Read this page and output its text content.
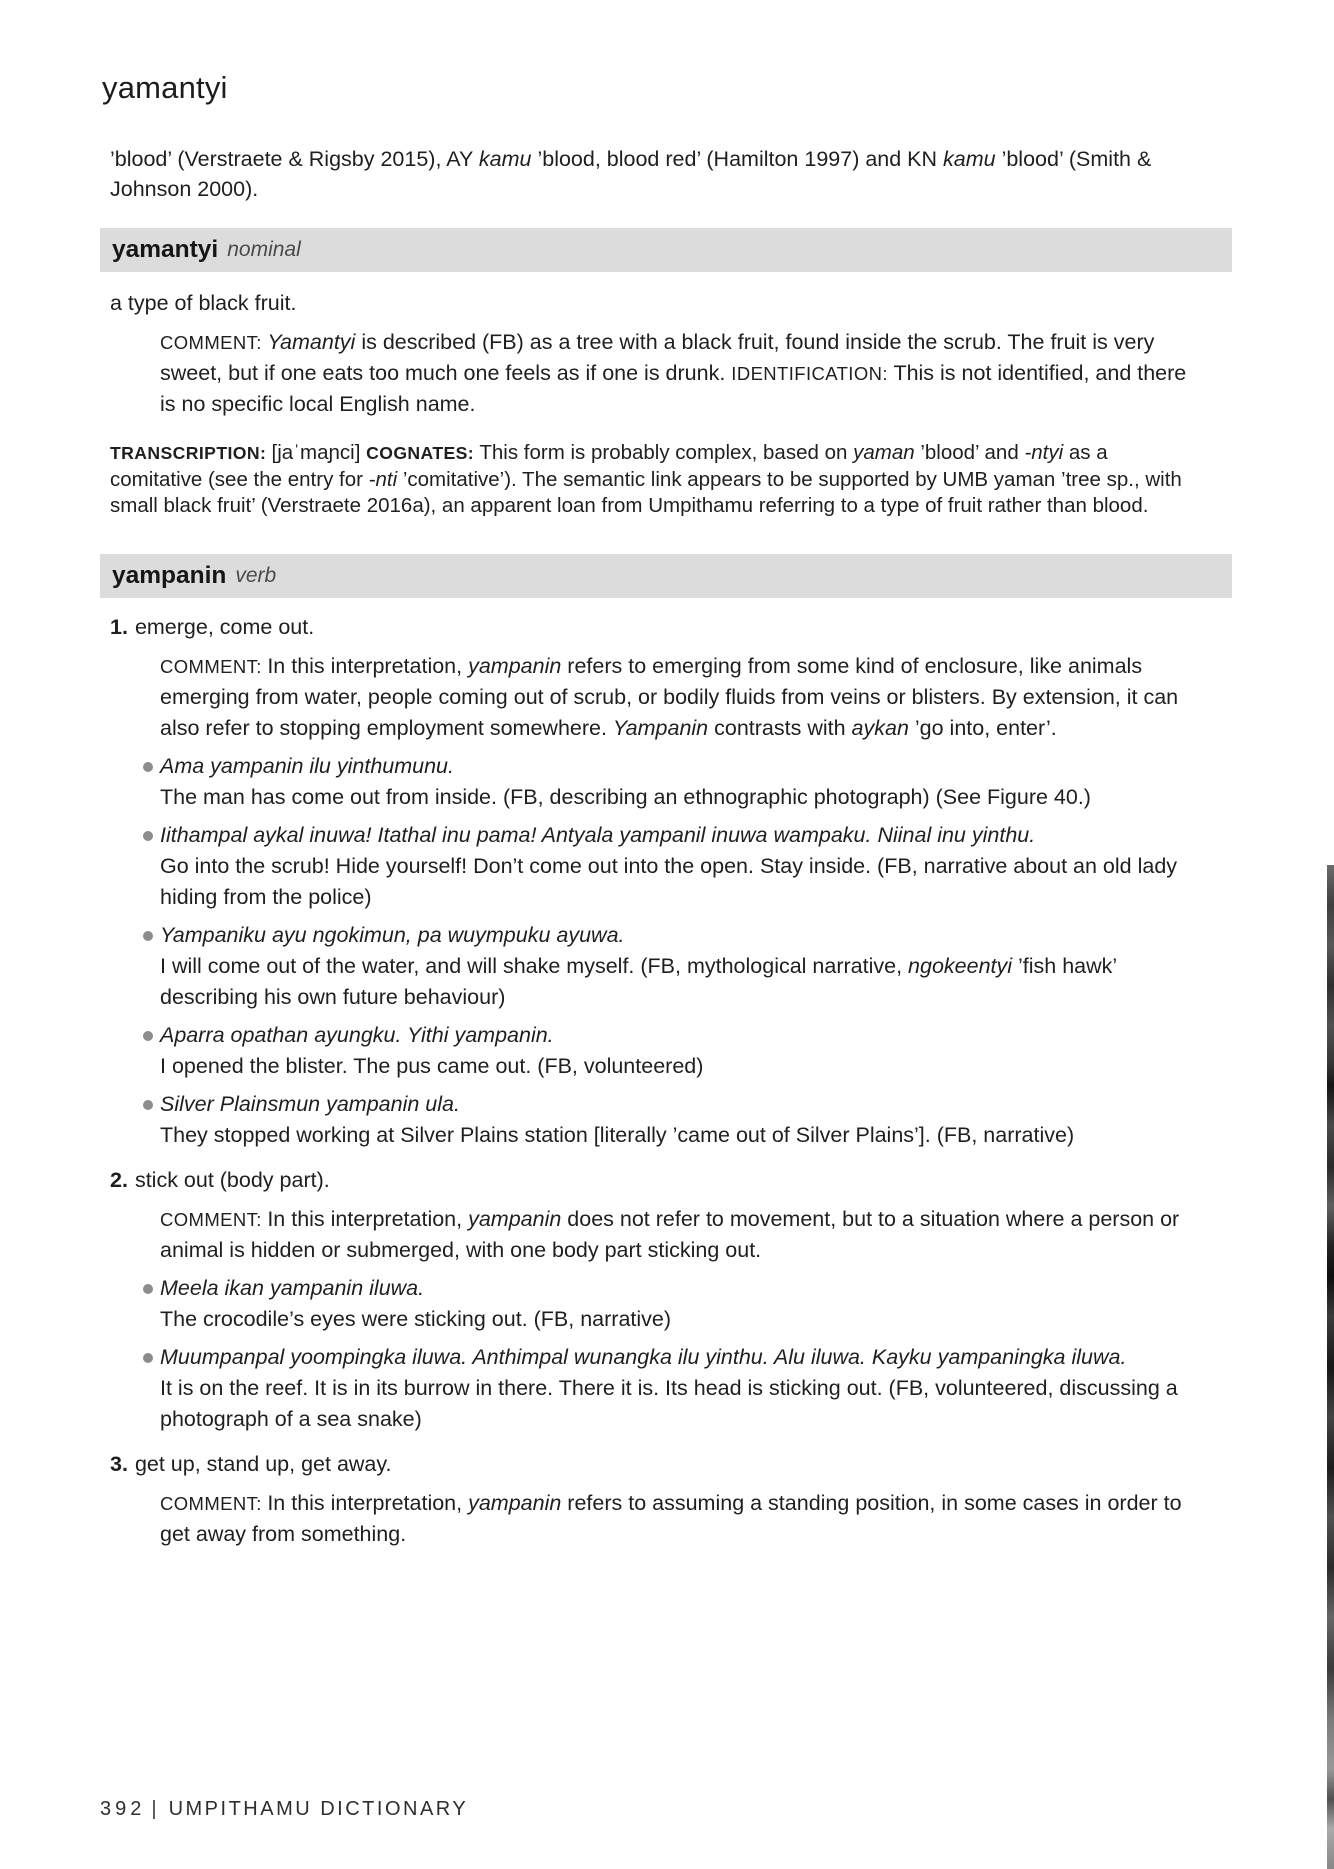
yamantyi

’blood’ (Verstraete & Rigsby 2015), AY kamu ’blood, blood red’ (Hamilton 1997) and KN kamu ’blood’ (Smith & Johnson 2000).

yamantyi nominal

a type of black fruit.

COMMENT: Yamantyi is described (FB) as a tree with a black fruit, found inside the scrub. The fruit is very sweet, but if one eats too much one feels as if one is drunk. IDENTIFICATION: This is not identified, and there is no specific local English name.

TRANSCRIPTION: [jaˈmaɲci] COGNATES: This form is probably complex, based on yaman ’blood’ and -ntyi as a comitative (see the entry for -nti ’comitative’). The semantic link appears to be supported by UMB yaman ’tree sp., with small black fruit’ (Verstraete 2016a), an apparent loan from Umpithamu referring to a type of fruit rather than blood.

yampanin verb

1. emerge, come out.

COMMENT: In this interpretation, yampanin refers to emerging from some kind of enclosure, like animals emerging from water, people coming out of scrub, or bodily fluids from veins or blisters. By extension, it can also refer to stopping employment somewhere. Yampanin contrasts with aykan ’go into, enter’.

Ama yampanin ilu yinthumunu.

The man has come out from inside. (FB, describing an ethnographic photograph) (See Figure 40.)

Iithampal aykal inuwa! Itathal inu pama! Antyala yampanil inuwa wampaku. Niinal inu yinthu.

Go into the scrub! Hide yourself! Don’t come out into the open. Stay inside. (FB, narrative about an old lady hiding from the police)

Yampaniku ayu ngokimun, pa wuympuku ayuwa.

I will come out of the water, and will shake myself. (FB, mythological narrative, ngokeentyi ’fish hawk’ describing his own future behaviour)

Aparra opathan ayungku. Yithi yampanin.

I opened the blister. The pus came out. (FB, volunteered)

Silver Plainsmun yampanin ula.

They stopped working at Silver Plains station [literally ’came out of Silver Plains’]. (FB, narrative)

2. stick out (body part).

COMMENT: In this interpretation, yampanin does not refer to movement, but to a situation where a person or animal is hidden or submerged, with one body part sticking out.

Meela ikan yampanin iluwa.

The crocodile’s eyes were sticking out. (FB, narrative)

Muumpanpal yoompingka iluwa. Anthimpal wunangka ilu yinthu. Alu iluwa. Kayku yampaningka iluwa.

It is on the reef. It is in its burrow in there. There it is. Its head is sticking out. (FB, volunteered, discussing a photograph of a sea snake)

3. get up, stand up, get away.

COMMENT: In this interpretation, yampanin refers to assuming a standing position, in some cases in order to get away from something.

392 | UMPITHAMU DICTIONARY
